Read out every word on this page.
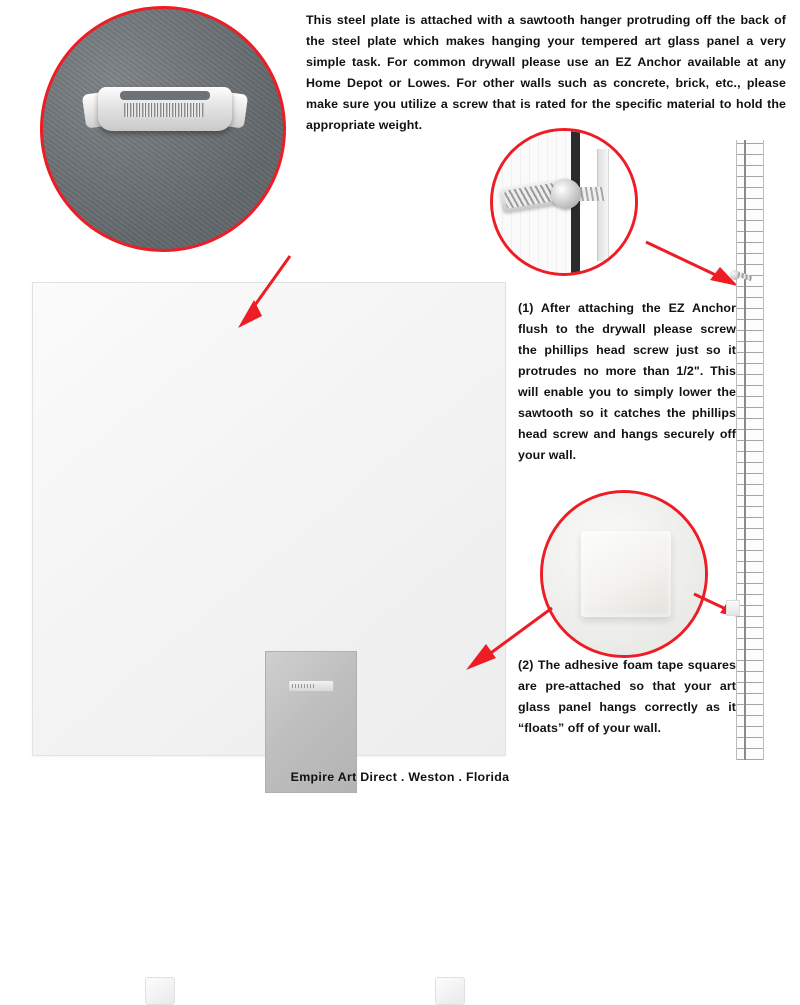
This steel plate is attached with a sawtooth hanger protruding off the back of the steel plate which makes hanging your tempered art glass panel a very simple task. For common drywall please use an EZ Anchor available at any Home Depot or Lowes. For other walls such as concrete, brick, etc., please make sure you utilize a screw that is rated for the specific material to hold the appropriate weight.
(1) After attaching the EZ Anchor flush to the drywall please screw the phillips head screw just so it protrudes no more than 1/2". This will enable you to simply lower the sawtooth so it catches the phillips head screw and hangs securely off your wall.
(2) The adhesive foam tape squares are pre-attached so that your art glass panel hangs correctly as it “floats” off of your wall.
Empire Art Direct . Weston . Florida
